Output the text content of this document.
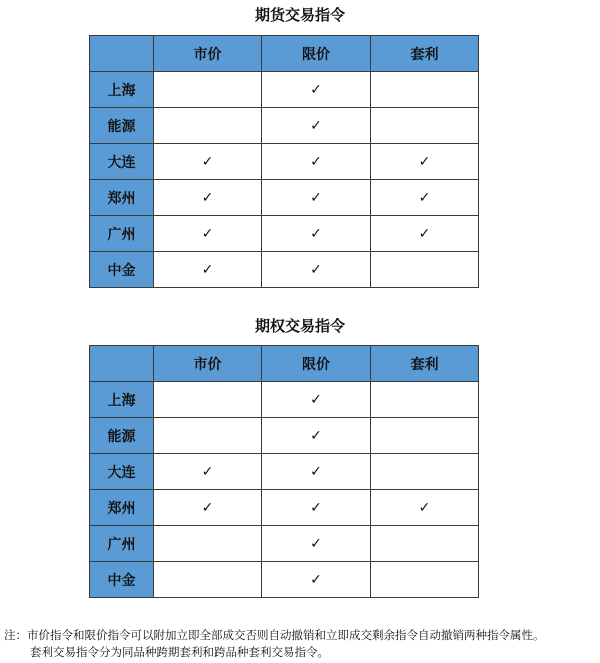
期货交易指令
	市价	限价	套利
上海		✓	
能源		✓	
大连	✓	✓	✓
郑州	✓	✓	✓
广州	✓	✓	✓
中金	✓	✓	
期权交易指令
	市价	限价	套利
上海		✓	
能源		✓	
大连	✓	✓	
郑州	✓	✓	✓
广州		✓	
中金		✓	
注：市价指令和限价指令可以附加立即全部成交否则自动撤销和立即成交剩余指令自动撤销两种指令属性。
套利交易指令分为同品种跨期套利和跨品种套利交易指令。
